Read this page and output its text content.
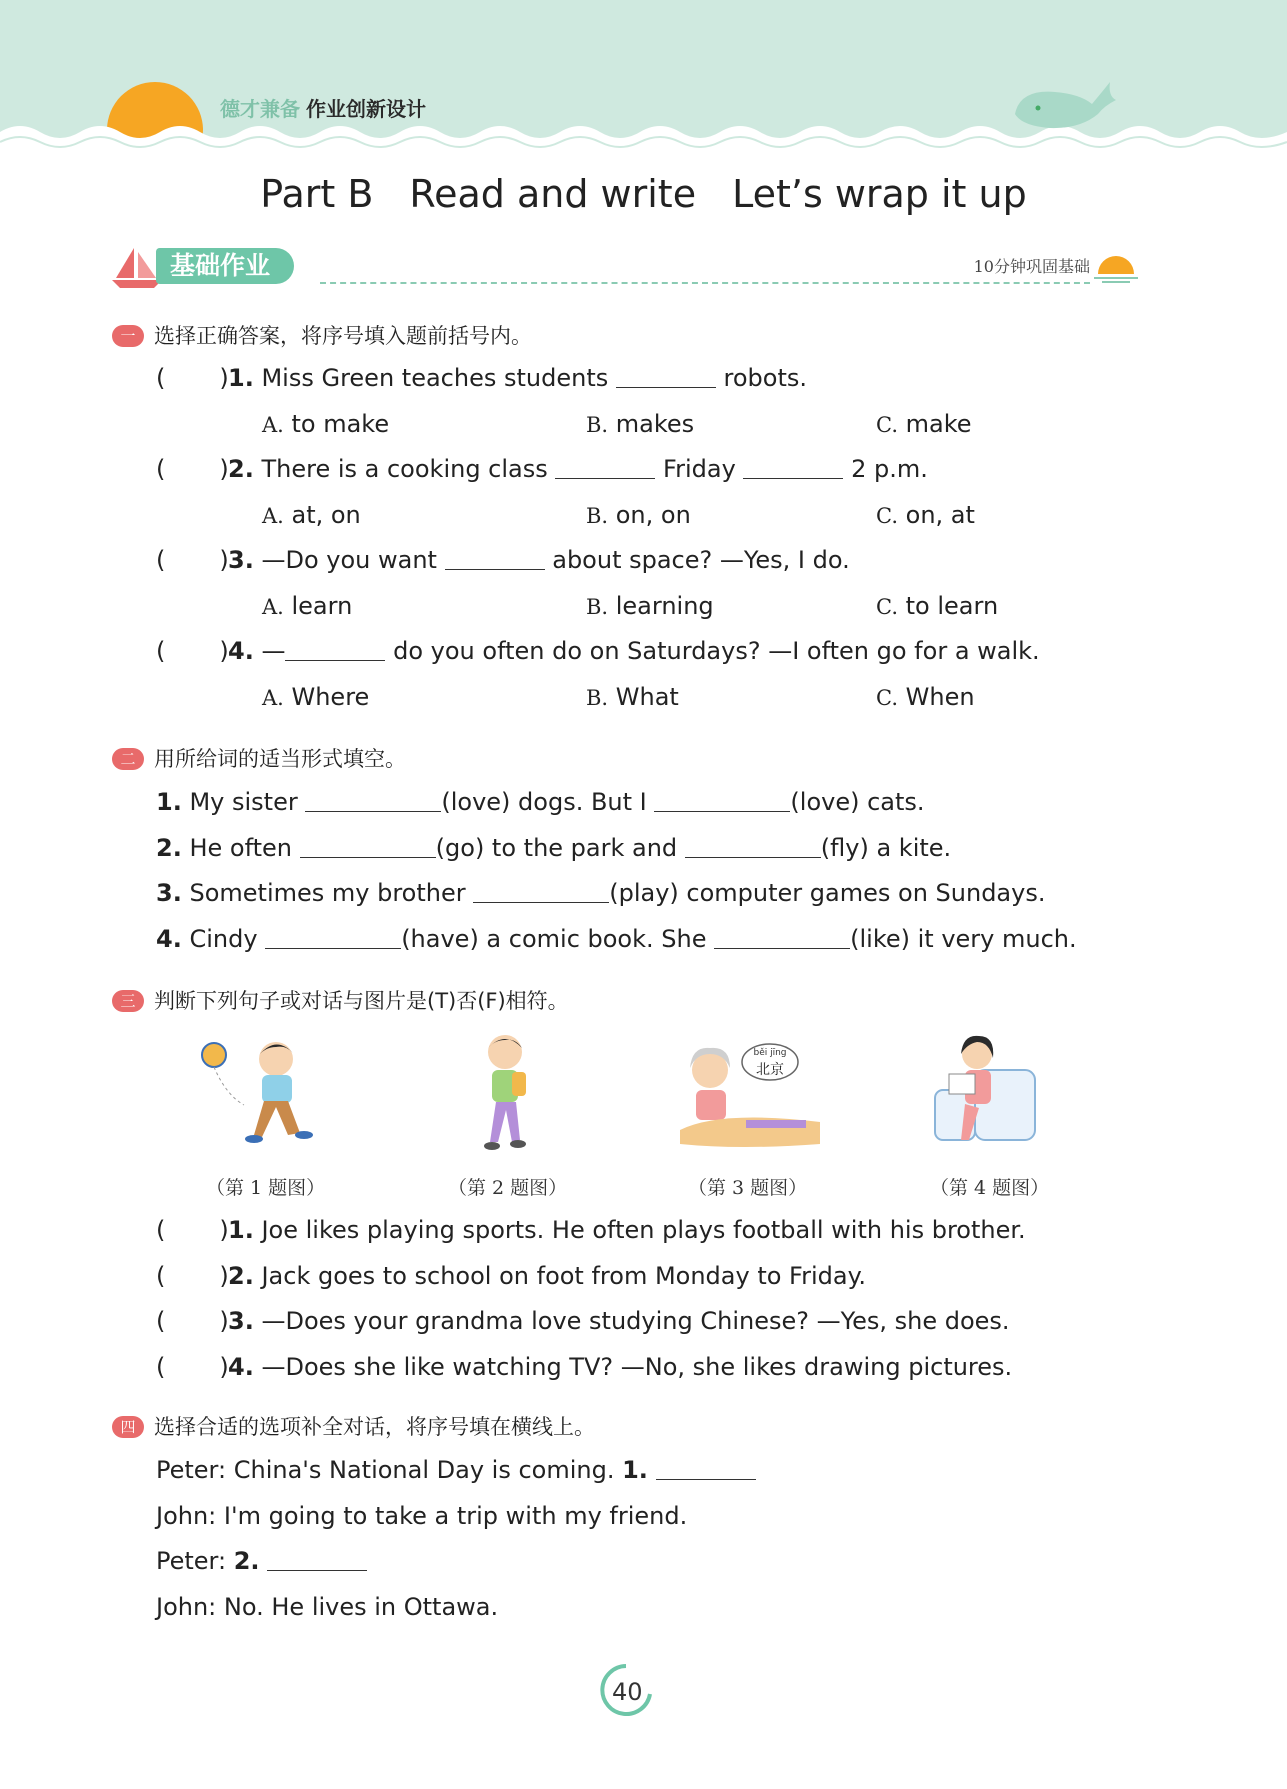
德才兼备 作业创新设计
Part B Read and write Let’s wrap it up
基础作业	10分钟巩固基础
一 选择正确答案，将序号填入题前括号内。
( )1. Miss Green teaches students	robots.
A. to make	B. makes	C. make
( )2. There is a cooking class	Friday	2 p.m.
A. at, on	B. on, on	C. on, at
( )3. —Do you want	about space? —Yes, I do.
A. learn	B. learning	C. to learn
( )4. —	do you often do on Saturdays? —I often go for a walk.
A. Where	B. What	C. When
二 用所给词的适当形式填空。
1. My sister	(love) dogs. But I	(love) cats.
2. He often	(go) to the park and	(fly) a kite.
3. Sometimes my brother	(play) computer games on Sundays.
4. Cindy	(have) a comic book. She	(like) it very much.
三 判断下列句子或对话与图片是(T)否(F)相符。
běi jīng
北京
（第 1 题图）	（第 2 题图）	（第 3 题图）	（第 4 题图）
( )1. Joe likes playing sports. He often plays football with his brother.
( )2. Jack goes to school on foot from Monday to Friday.
( )3. —Does your grandma love studying Chinese? —Yes, she does.
( )4. —Does she like watching TV? —No, she likes drawing pictures.
四 选择合适的选项补全对话，将序号填在横线上。
Peter: China's National Day is coming. 1.
John: I'm going to take a trip with my friend.
Peter: 2.
John: No. He lives in Ottawa.
40
